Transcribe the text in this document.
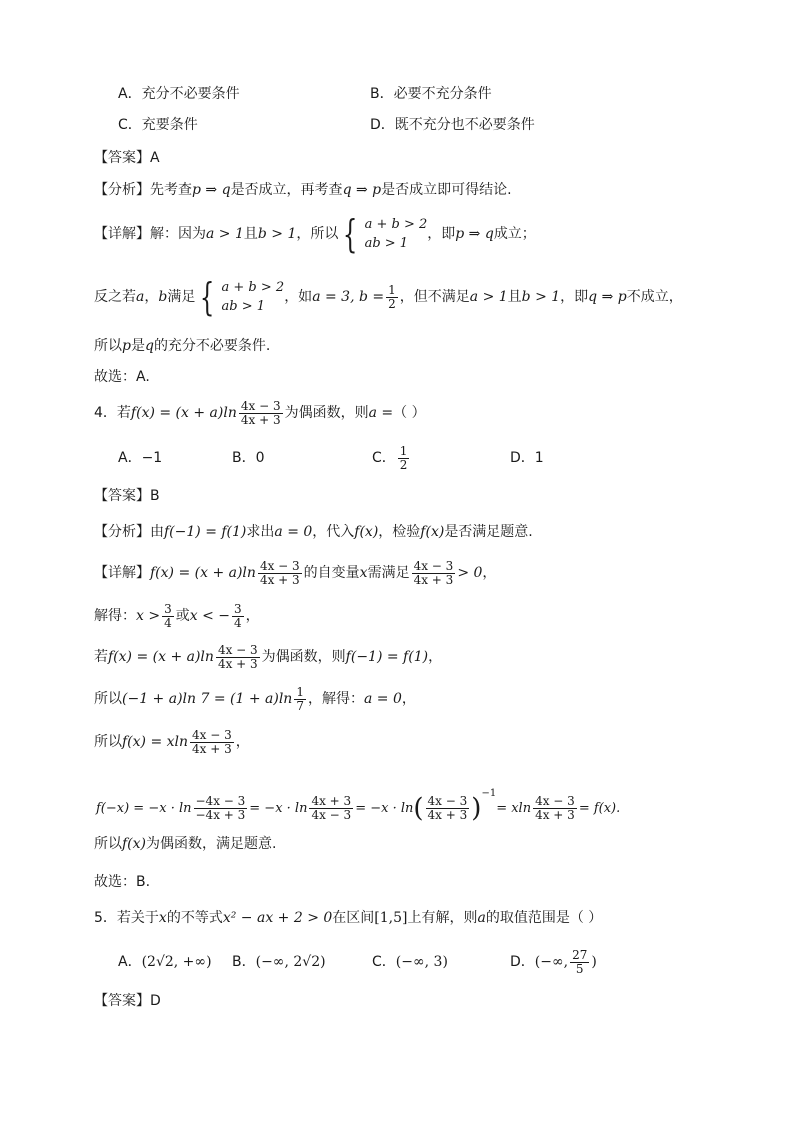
A．充分不必要条件	B．必要不充分条件
C．充要条件	D．既不充分也不必要条件
【答案】A
【分析】先考查p ⇒ q是否成立，再考查q ⇒ p是否成立即可得结论.
【详解】解：因为a > 1且b > 1，所以 { a + b > 2
ab > 1
，即p ⇒ q成立；
反之若a，b满足 { a + b > 2
ab > 1
，如a = 3, $b = \frac{1}{2}$ ，但不满足a > 1且b > 1，即q ⇒ p不成立，
所以p是q的充分不必要条件.
故选：A.
4．若$f(x) = (x + a)\ln \frac{4x - 3}{4x + 3}$ 为偶函数，则a =（ ）
A．−1	B．0	C． $\frac{1}{2}$	D．1
【答案】B
【分析】由f(−1) = f(1)求出a = 0，代入f(x)，检验f(x)是否满足题意.
【详解】$f(x) = (x + a)\ln \frac{4x - 3}{4x + 3}$ 的自变量x需满足 $\frac{4x - 3}{4x + 3} > 0$，
解得：$x > \frac{3}{4}$ 或x < − $\frac{3}{4}$ ，
若$f(x) = (x + a)\ln \frac{4x - 3}{4x + 3}$ 为偶函数，则f(−1) = f(1)，
所以(−1 + a)ln $7 = (1 + a)\ln \frac{1}{7}$ ，解得：a = 0，
所以f(x) = xln $\frac{4x - 3}{4x + 3}$ ，
$f(-x) = -x \cdot \ln \frac{-4x - 3}{-4x + 3} = -x \cdot \ln \frac{4x + 3}{4x - 3} = -x \cdot \ln( \frac{4x - 3}{4x + 3} )^{-1}= xln \frac{4x - 3}{4x + 3} = f(x)$.
所以f(x)为偶函数，满足题意.
故选：B.
5．若关于x的不等式x² − ax + 2 > 0在区间[1,5]上有解，则a的取值范围是（ ）
A．(2√2, +∞) B．(−∞, 2√2)	C．(−∞, 3)	D．(−∞, $\frac{27}{5}$ )
【答案】D
